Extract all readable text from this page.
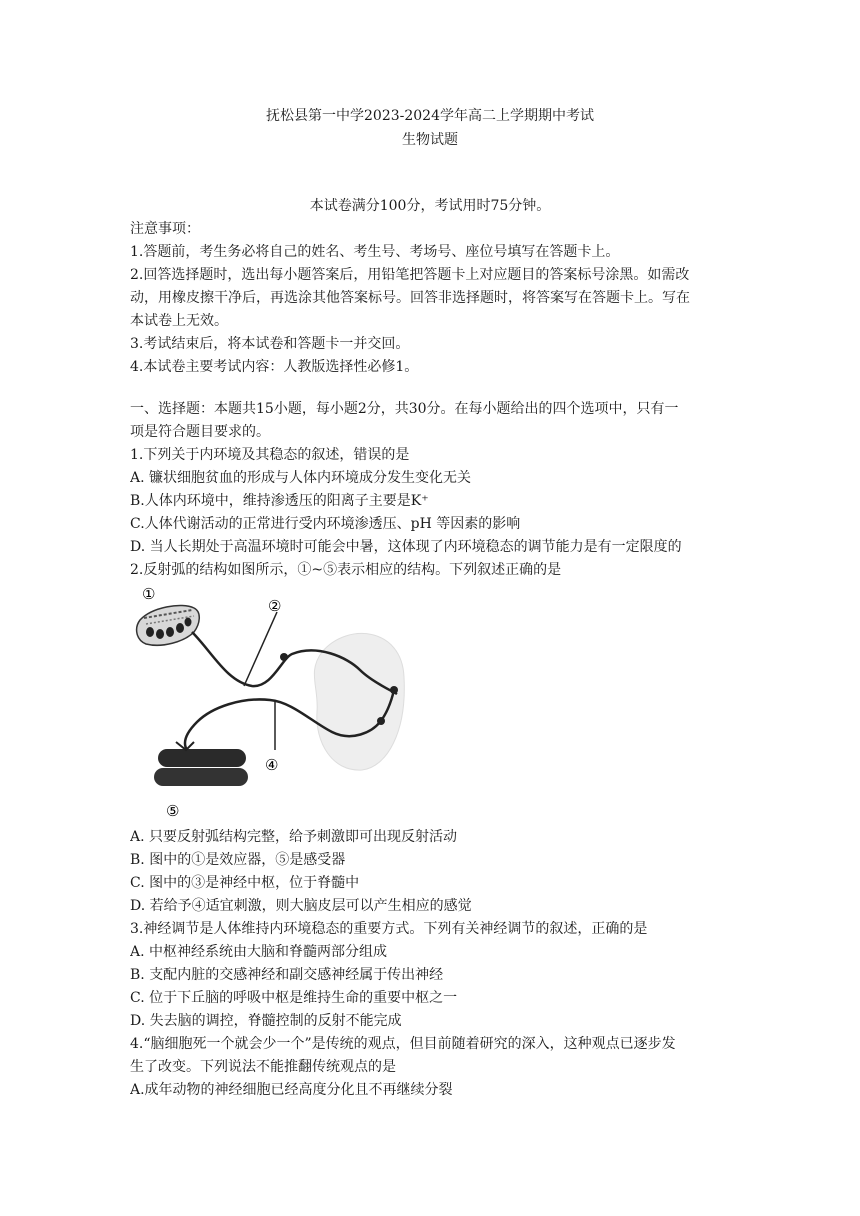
抚松县第一中学2023-2024学年高二上学期期中考试
生物试题
本试卷满分100分，考试用时75分钟。
注意事项：
1.答题前，考生务必将自己的姓名、考生号、考场号、座位号填写在答题卡上。
2.回答选择题时，选出每小题答案后，用铅笔把答题卡上对应题目的答案标号涂黑。如需改
动，用橡皮擦干净后，再选涂其他答案标号。回答非选择题时，将答案写在答题卡上。写在
本试卷上无效。
3.考试结束后，将本试卷和答题卡一并交回。
4.本试卷主要考试内容：人教版选择性必修1。
一、选择题：本题共15小题，每小题2分，共30分。在每小题给出的四个选项中，只有一
项是符合题目要求的。
1.下列关于内环境及其稳态的叙述，错误的是
A. 镰状细胞贫血的形成与人体内环境成分发生变化无关
B.人体内环境中，维持渗透压的阳离子主要是K⁺
C.人体代谢活动的正常进行受内环境渗透压、pH 等因素的影响
D. 当人长期处于高温环境时可能会中暑，这体现了内环境稳态的调节能力是有一定限度的
2.反射弧的结构如图所示，①~⑤表示相应的结构。下列叙述正确的是
①
②
④
⑤
A. 只要反射弧结构完整，给予刺激即可出现反射活动
B. 图中的①是效应器，⑤是感受器
C. 图中的③是神经中枢，位于脊髓中
D. 若给予④适宜刺激，则大脑皮层可以产生相应的感觉
3.神经调节是人体维持内环境稳态的重要方式。下列有关神经调节的叙述，正确的是
A. 中枢神经系统由大脑和脊髓两部分组成
B. 支配内脏的交感神经和副交感神经属于传出神经
C. 位于下丘脑的呼吸中枢是维持生命的重要中枢之一
D. 失去脑的调控，脊髓控制的反射不能完成
4.“脑细胞死一个就会少一个”是传统的观点，但目前随着研究的深入，这种观点已逐步发
生了改变。下列说法不能推翻传统观点的是
A.成年动物的神经细胞已经高度分化且不再继续分裂
